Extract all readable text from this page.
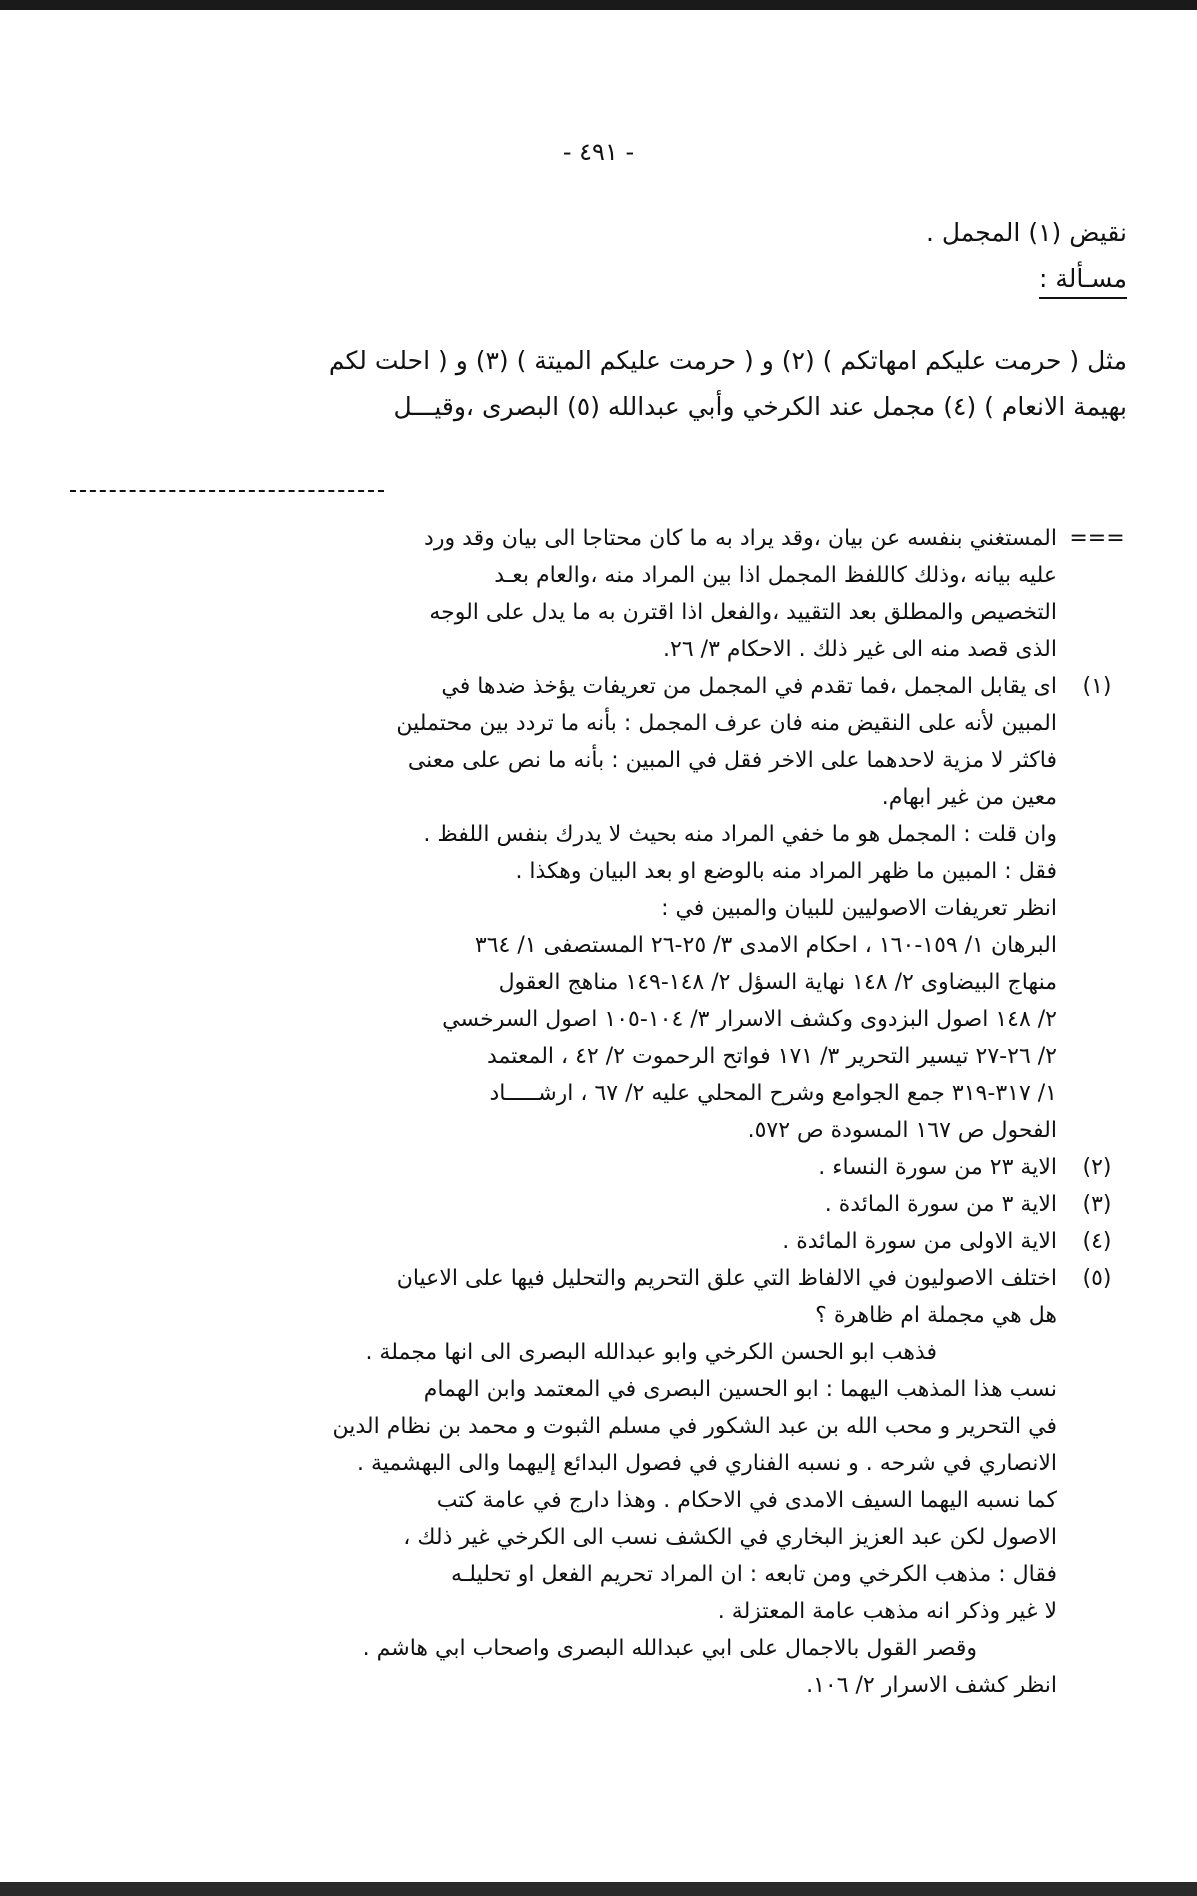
- ٤٩١ -
نقيض (١) المجمل .
مسـألة :
مثل ( حرمت عليكم امهاتكم ) (٢) و ( حرمت عليكم الميتة ) (٣) و ( احلت لكم
بهيمة الانعام ) (٤) مجمل عند الكرخي وأبي عبدالله (٥) البصرى ،وقيـــل
===
المستغني بنفسه عن بيان ،وقد يراد به ما كان محتاجا الى بيان وقد ورد
عليه بيانه ،وذلك كاللفظ المجمل اذا بين المراد منه ،والعام بعـد
التخصيص والمطلق بعد التقييد ،والفعل اذا اقترن به ما يدل على الوجه
الذى قصد منه الى غير ذلك . الاحكام ٣/ ٢٦.
(١)
اى يقابل المجمل ،فما تقدم في المجمل من تعريفات يؤخذ ضدها في
المبين لأنه على النقيض منه فان عرف المجمل : بأنه ما تردد بين محتملين
فاكثر لا مزية لاحدهما على الاخر فقل في المبين : بأنه ما نص على معنى
معين من غير ابهام.
وان قلت : المجمل هو ما خفي المراد منه بحيث لا يدرك بنفس اللفظ .
فقل : المبين ما ظهر المراد منه بالوضع او بعد البيان وهكذا .
انظر تعريفات الاصوليين للبيان والمبين في :
البرهان ١/ ١٥٩-١٦٠ ، احكام الامدى ٣/ ٢٥-٢٦ المستصفى ١/ ٣٦٤
منهاج البيضاوى ٢/ ١٤٨ نهاية السؤل ٢/ ١٤٨-١٤٩ مناهج العقول
٢/ ١٤٨ اصول البزدوى وكشف الاسرار ٣/ ١٠٤-١٠٥ اصول السرخسي
٢/ ٢٦-٢٧ تيسير التحرير ٣/ ١٧١ فواتح الرحموت ٢/ ٤٢ ، المعتمد
١/ ٣١٧-٣١٩ جمع الجوامع وشرح المحلي عليه ٢/ ٦٧ ، ارشـــــاد
الفحول ص ١٦٧ المسودة ص ٥٧٢.
(٢)
الاية ٢٣ من سورة النساء .
(٣)
الاية ٣ من سورة المائدة .
(٤)
الاية الاولى من سورة المائدة .
(٥)
اختلف الاصوليون في الالفاظ التي علق التحريم والتحليل فيها على الاعيان
هل هي مجملة ام ظاهرة ؟
فذهب ابو الحسن الكرخي وابو عبدالله البصرى الى انها مجملة .
نسب هذا المذهب اليهما : ابو الحسين البصرى في المعتمد وابن الهمام
في التحرير و محب الله بن عبد الشكور في مسلم الثبوت و محمد بن نظام الدين
الانصاري في شرحه . و نسبه الفناري في فصول البدائع إليهما والى البهشمية .
كما نسبه اليهما السيف الامدى في الاحكام . وهذا دارج في عامة كتب
الاصول لكن عبد العزيز البخاري في الكشف نسب الى الكرخي غير ذلك ،
فقال : مذهب الكرخي ومن تابعه : ان المراد تحريم الفعل او تحليلـه
لا غير وذكر انه مذهب عامة المعتزلة .
وقصر القول بالاجمال على ابي عبدالله البصرى واصحاب ابي هاشم .
انظر كشف الاسرار ٢/ ١٠٦.
